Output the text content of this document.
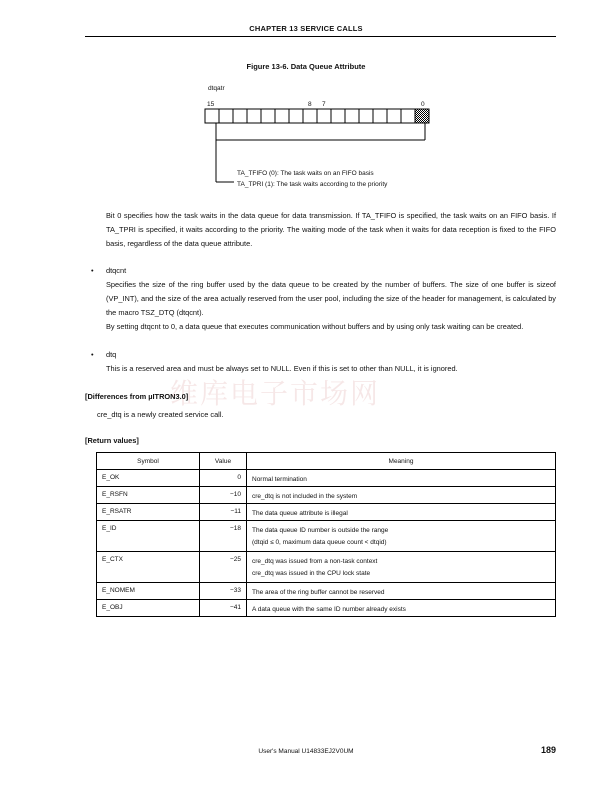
CHAPTER 13 SERVICE CALLS
Figure 13-6. Data Queue Attribute
dtqatr
15	8 7	0
TA_TFIFO (0): The task waits on an FIFO basis
TA_TPRI (1): The task waits according to the priority
Bit 0 specifies how the task waits in the data queue for data transmission. If TA_TFIFO is specified, the task waits on an FIFO basis. If TA_TPRI is specified, it waits according to the priority. The waiting mode of the task when it waits for data reception is fixed to the FIFO basis, regardless of the data queue attribute.
•	dtqcnt
Specifies the size of the ring buffer used by the data queue to be created by the number of buffers. The size of one buffer is sizeof (VP_INT), and the size of the area actually reserved from the user pool, including the size of the header for management, is calculated by the macro TSZ_DTQ (dtqcnt).
By setting dtqcnt to 0, a data queue that executes communication without buffers and by using only task waiting can be created.
•	dtq
This is a reserved area and must be always set to NULL. Even if this is set to other than NULL, it is ignored.
维库电子市场网
[Differences from µITRON3.0]
cre_dtq is a newly created service call.
[Return values]
Symbol	Value	Meaning
E_OK	0	Normal termination

E_RSFN	−10	cre_dtq is not included in the system

E_RSATR	−11	The data queue attribute is illegal

E_ID	−18	The data queue ID number is outside the range
(dtqid ≤ 0, maximum data queue count < dtqid)

E_CTX	−25	cre_dtq was issued from a non-task context
cre_dtq was issued in the CPU lock state

E_NOMEM	−33	The area of the ring buffer cannot be reserved

E_OBJ	−41	A data queue with the same ID number already exists
User's Manual U14833EJ2V0UM	189
